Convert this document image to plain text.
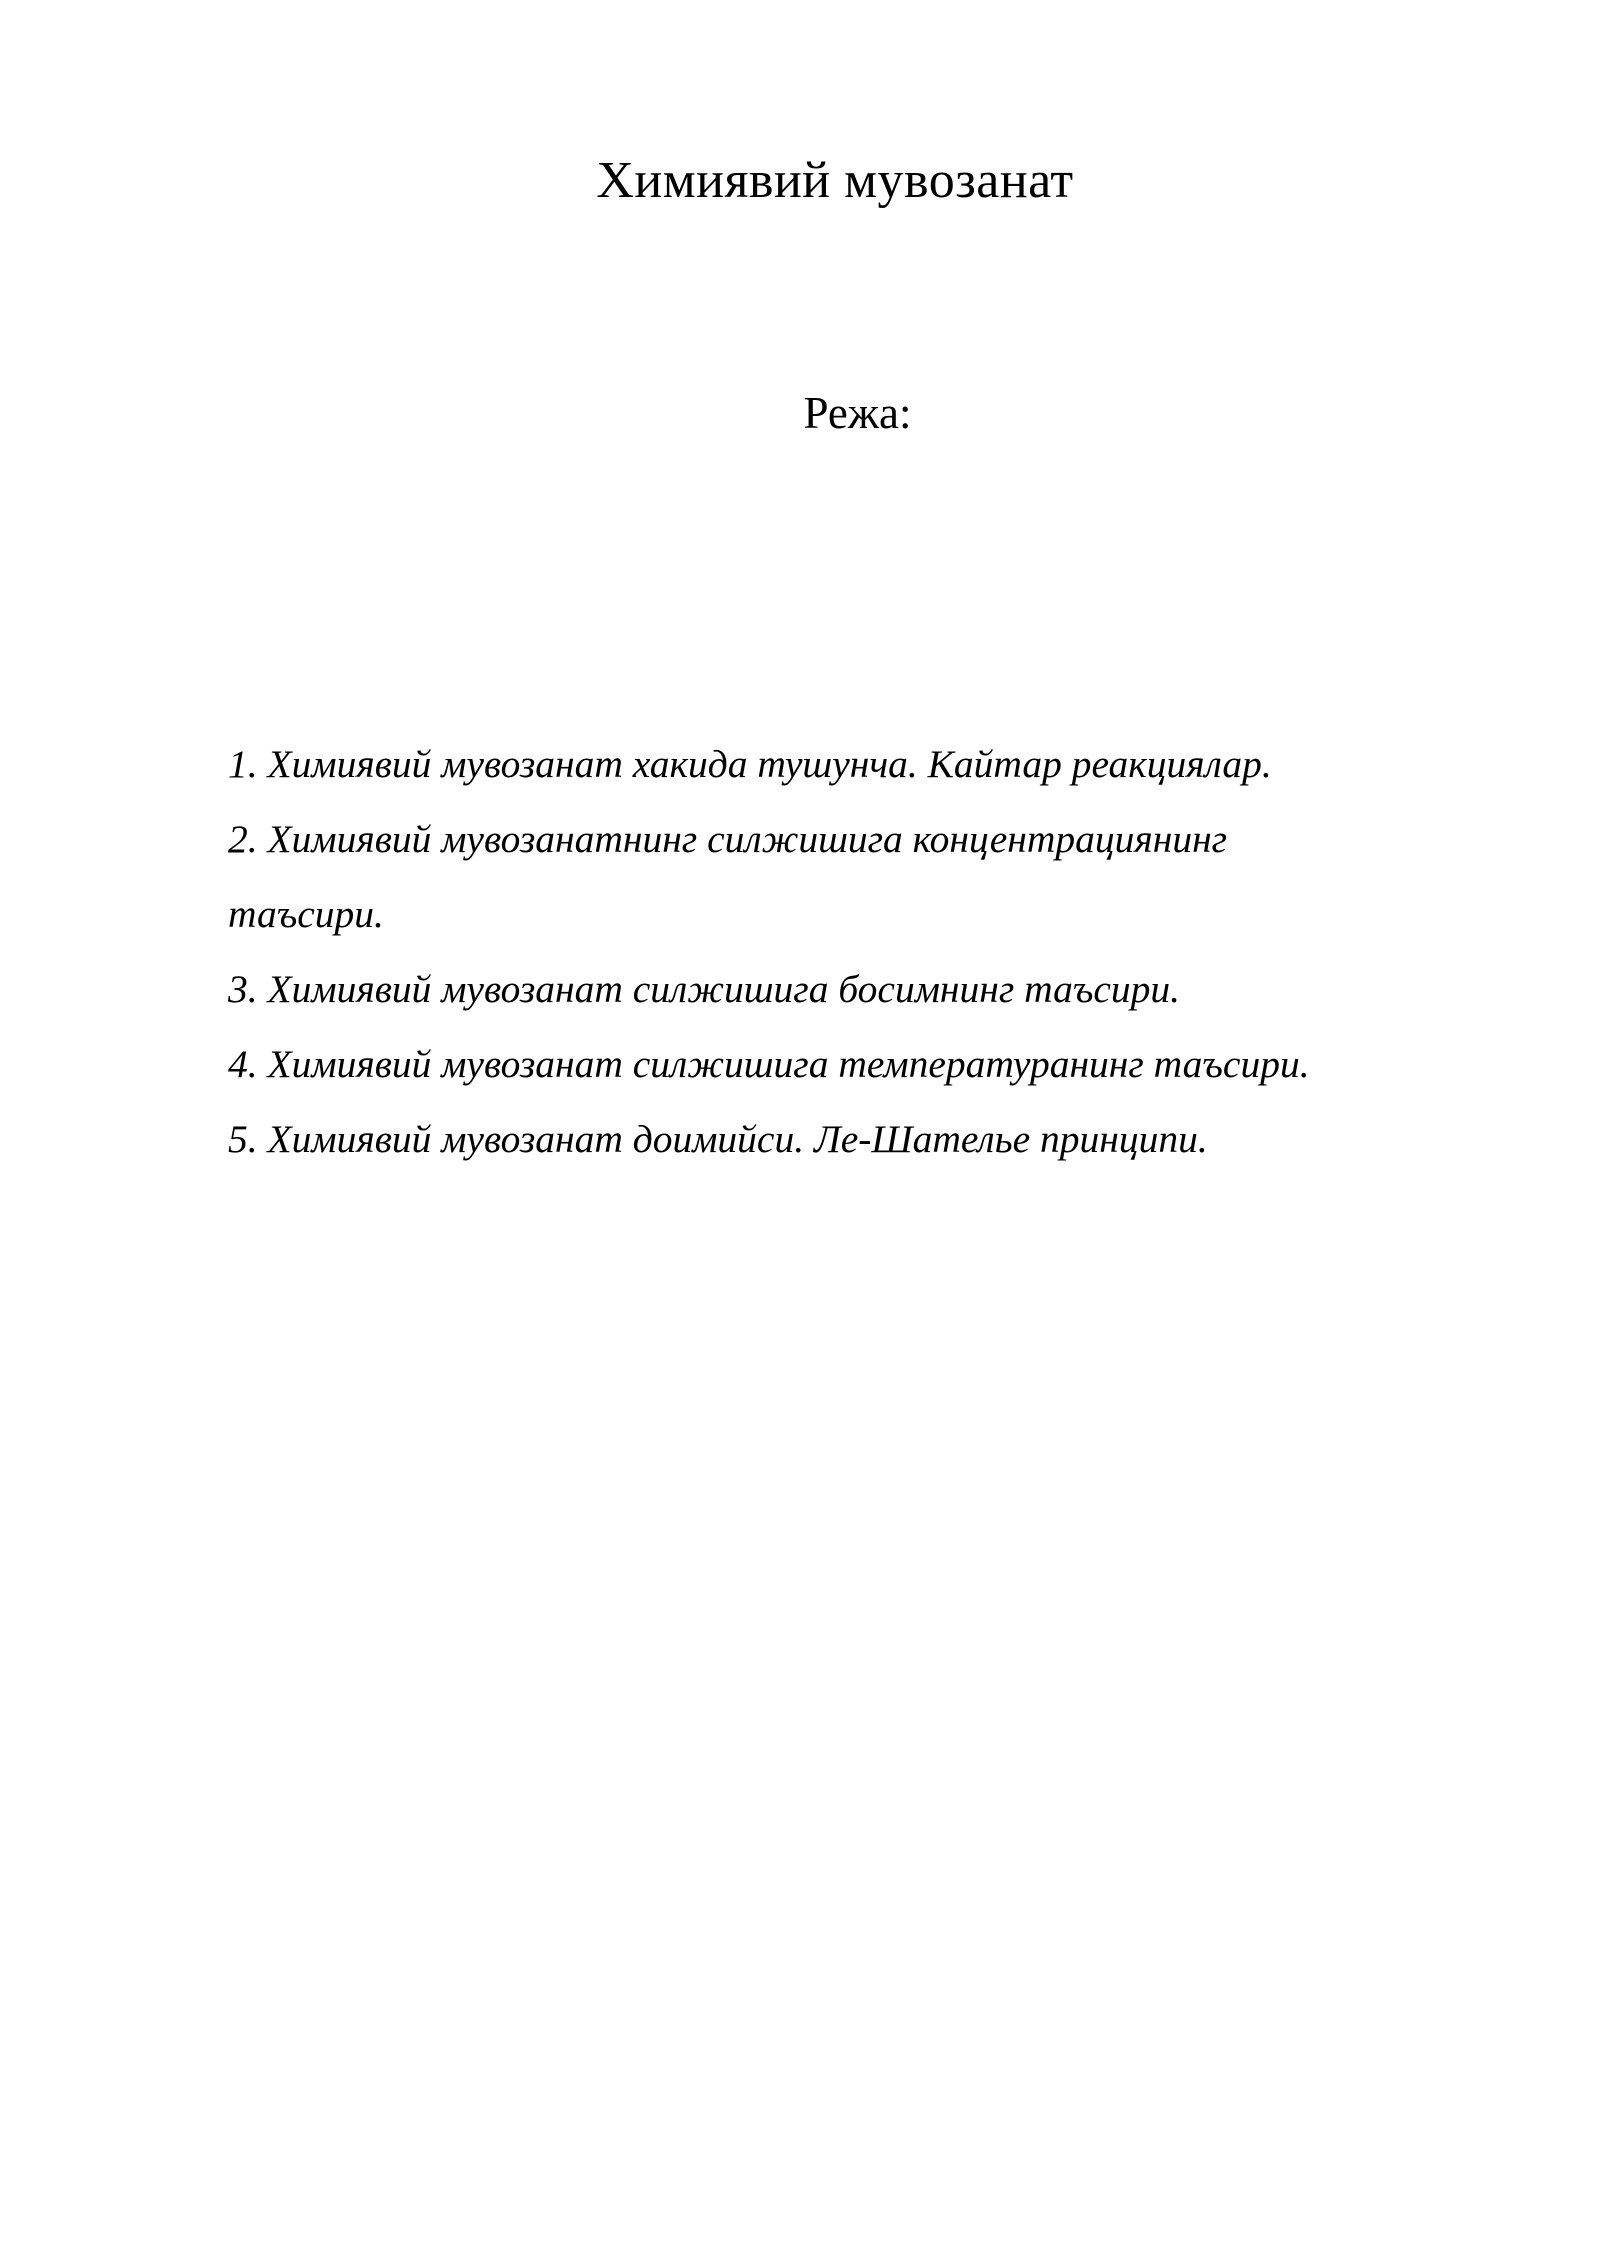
Химиявий мувозанат
Режа:
1. Химиявий мувозанат хакида тушунча. Кайтар реакциялар.
2. Химиявий мувозанатнинг силжишига концентрациянинг
таъсири.
3. Химиявий мувозанат силжишига босимнинг таъсири.
4. Химиявий мувозанат силжишига температуранинг таъсири.
5. Химиявий мувозанат доимийси. Ле-Шателье принципи.
